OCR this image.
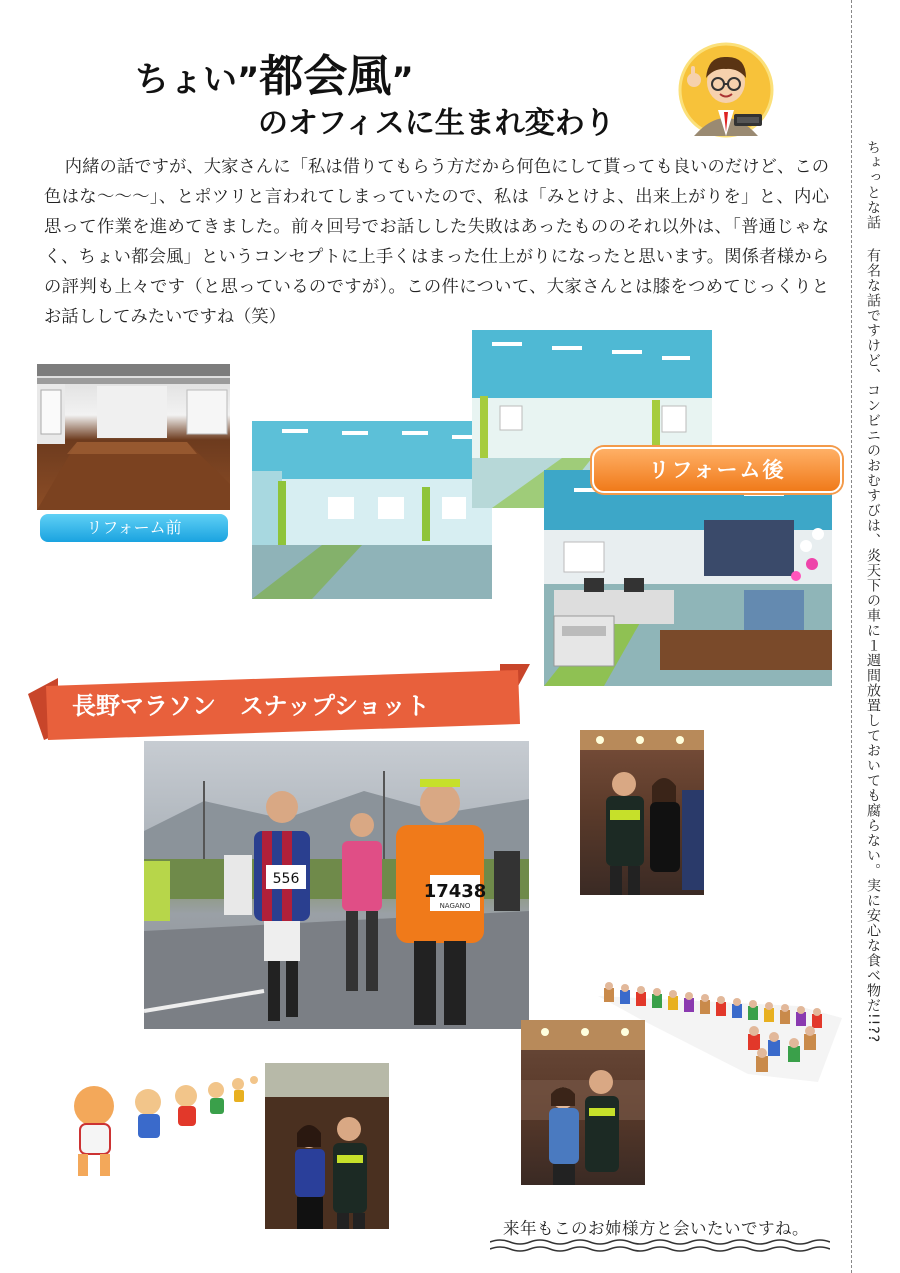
ちょい”都会風”
のオフィスに生まれ変わり
内緒の話ですが、大家さんに「私は借りてもらう方だから何色にして貰っても良いのだけど、この色はな〜〜〜」、とポツリと言われてしまっていたので、私は「みとけよ、出来上がりを」と、内心思って作業を進めてきました。前々回号でお話しした失敗はあったもののそれ以外は、「普通じゃなく、ちょい都会風」というコンセプトに上手くはまった仕上がりになったと思います。関係者様からの評判も上々です（と思っているのですが）。この件について、大家さんとは膝をつめてじっくりとお話ししてみたいですね（笑）
リフォーム前
リフォーム後
長野マラソン　スナップショット
556
17438
NAGANO
来年もこのお姉様方と会いたいですね。
ちょっとな話有名な話ですけど、コンビニのおむすびは、炎天下の車に１週間放置しておいても腐らない。実に安心な食べ物だ!!??
